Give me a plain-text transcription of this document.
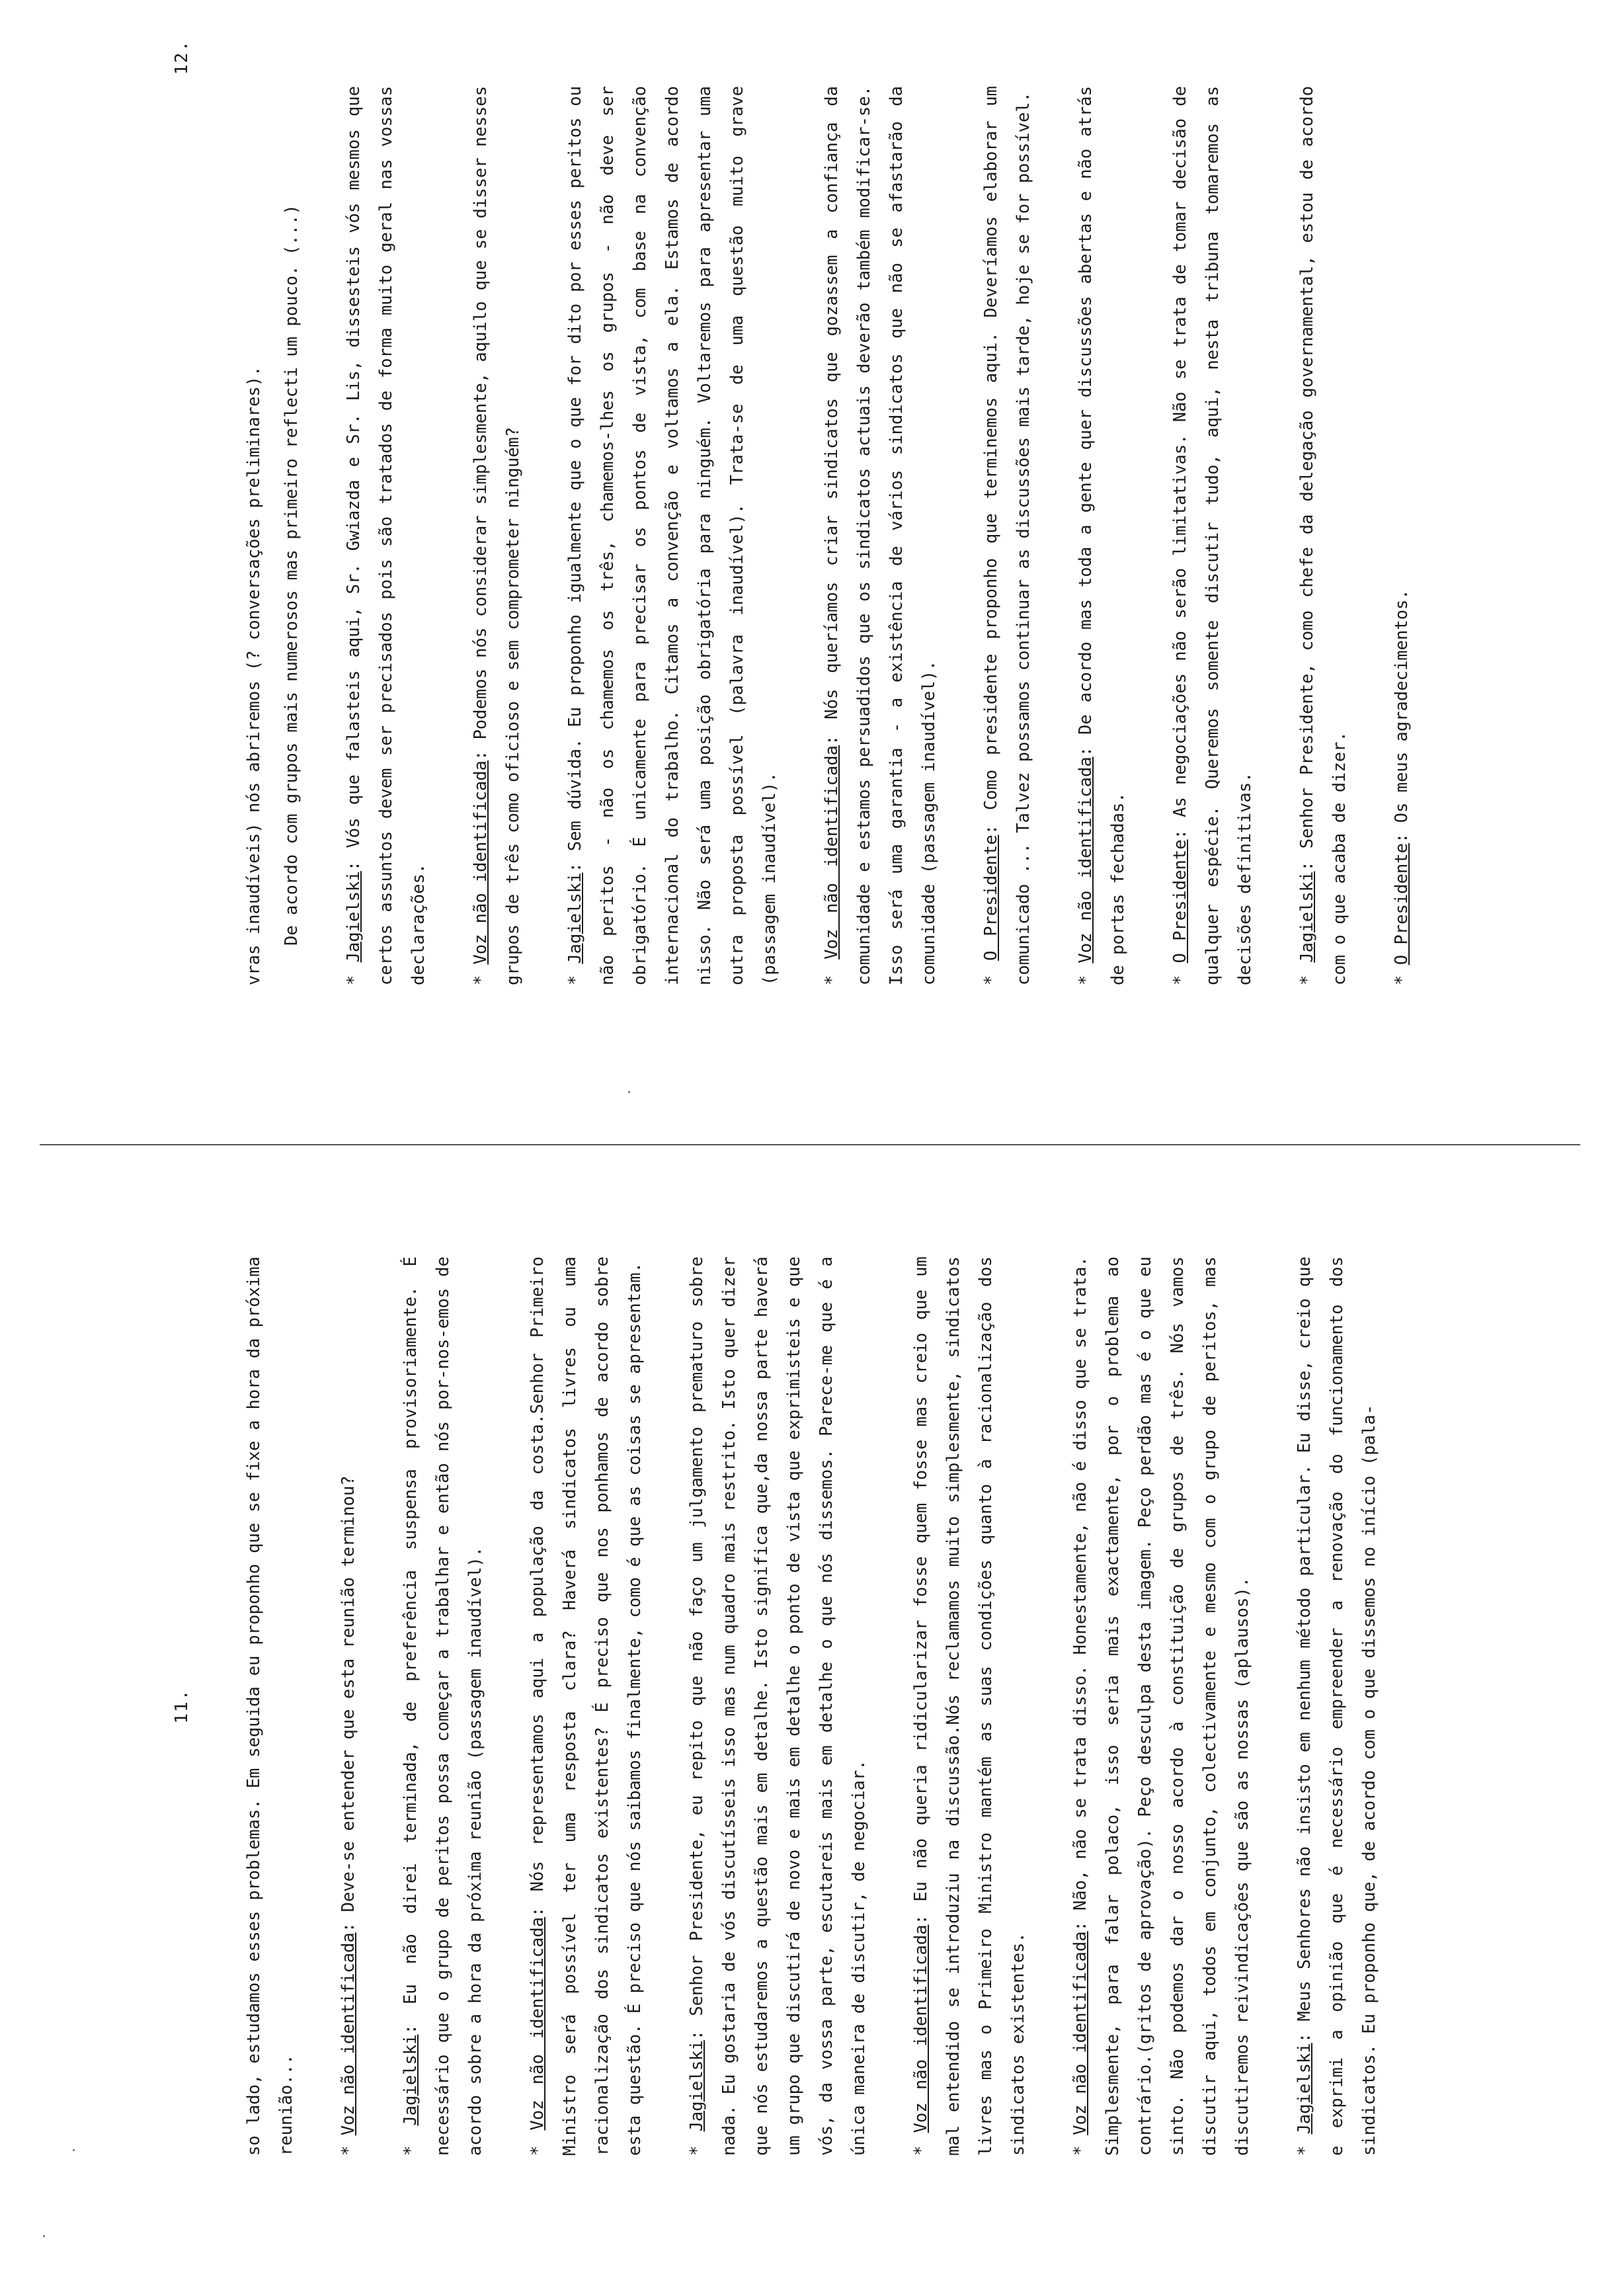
11.	so lado, estudamos esses problemas. Em seguida eu proponho que se fixe a hora da próxima reunião...	* Voz não identificada: Deve-se entender que esta reunião terminou?

* Jagielski: Eu não direi terminada, de preferência suspensa provisoriamente. É necessário que o grupo de peritos possa começar a trabalhar e então nós por-nos-emos de acordo sobre a hora da próxima reunião (passagem inaudível).	* Voz não identificada: Nós representamos aqui a população da costa.Senhor Primeiro Ministro será possível ter uma resposta clara? Haverá sindicatos livres ou uma racionalização dos sindicatos existentes? É preciso que nos ponhamos de acordo sobre esta questão. É preciso que nós saibamos finalmente, como é que as coisas se apresentam.	* Jagielski: Senhor Presidente, eu repito que não faço um julgamento prematuro sobre nada. Eu gostaria de vós discutísseis isso mas num quadro mais restrito. Isto quer dizer que nós estudaremos a questão mais em detalhe. Isto significa que,da nossa parte haverá um grupo que discutirá de novo e mais em detalhe o ponto de vista que exprimisteis e que vós, da vossa parte, escutareis mais em detalhe o que nós dissemos. Parece-me que é a única maneira de discutir, de negociar.	* Voz não identificada: Eu não queria ridicularizar fosse quem fosse mas creio que um mal entendido se introduziu na discussão.Nós reclamamos muito simplesmente, sindicatos livres mas o Primeiro Ministro mantém as suas condições quanto à racionalização dos sindicatos existentes.	* Voz não identificada: Não, não se trata disso. Honestamente, não é disso que se trata. Simplesmente, para falar polaco, isso seria mais exactamente, por o problema ao contrário.(gritos de aprovação). Peço desculpa desta imagem. Peço perdão mas é o que eu sinto. Não podemos dar o nosso acordo à constituição de grupos de três. Nós vamos discutir aqui, todos em conjunto, colectivamente e mesmo com o grupo de peritos, mas discutiremos reivindicações que são as nossas (aplausos).	* Jagielski: Meus Senhores não insisto em nenhum método particular. Eu disse, creio que e exprimi a opinião que é necessário empreender a renovação do funcionamento dos sindicatos. Eu proponho que, de acordo com o que dissemos no início (pala-

12.

vras inaudíveis) nós abriremos (? conversações preliminares).	De acordo com grupos mais numerosos mas primeiro reflecti um pouco. (...)

* Jagielski: Vós que falasteis aqui, Sr. Gwiazda e Sr. Lis, dissesteis vós mesmos que certos assuntos devem ser precisados pois são tratados de forma muito geral nas vossas declarações.	* Voz não identificada: Podemos nós considerar simplesmente, aquilo que se disser nesses grupos de três como oficioso e sem comprometer ninguém?	* Jagielski: Sem dúvida. Eu proponho igualmente que o que for dito por esses peritos ou não peritos - não os chamemos os três, chamemos-lhes os grupos - não deve ser obrigatório. É unicamente para precisar os pontos de vista, com base na convenção internacional do trabalho. Citamos a convenção e voltamos a ela. Estamos de acordo nisso. Não será uma posição obrigatória para ninguém. Voltaremos para apresentar uma outra proposta possível (palavra inaudível). Trata-se de uma questão muito grave (passagem inaudível).	* Voz não identificada: Nós queríamos criar sindicatos que gozassem a confiança da comunidade e estamos persuadidos que os sindicatos actuais deverão também modificar-se. Isso será uma garantia - a existência de vários sindicatos que não se afastarão da comunidade (passagem inaudível).	* O Presidente: Como presidente proponho que terminemos aqui. Deveríamos elaborar um comunicado ... Talvez possamos continuar as discussões mais tarde, hoje se for possível.	* Voz não identificada: De acordo mas toda a gente quer discussões abertas e não atrás de portas fechadas.	* O Presidente: As negociações não serão limitativas. Não se trata de tomar decisão de qualquer espécie. Queremos somente discutir tudo, aqui, nesta tribuna tomaremos as decisões definitivas.	* Jagielski: Senhor Presidente, como chefe da delegação governamental, estou de acordo com o que acaba de dizer.	* O Presidente: Os meus agradecimentos.
